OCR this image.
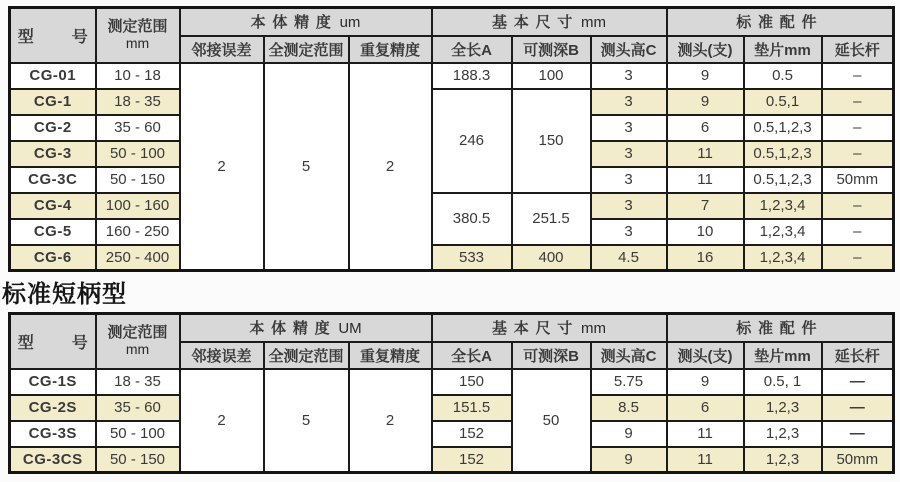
型 号	测定范围
mm	本体精度 um			基本尺寸 mm			标准配件		
		邻接误差	全测定范围	重复精度	全长A	可测深B	测头高C	测头(支)	垫片mm	延长杆
CG-01	10 - 18	2	5	2	188.3	100	3	9	0.5	–
CG-1	18 - 35				246	150	3	9	0.5,1	–
CG-2	35 - 60						3	6	0.5,1,2,3	–
CG-3	50 - 100						3	11	0.5,1,2,3	–
CG-3C	50 - 150						3	11	0.5,1,2,3	50mm
CG-4	100 - 160				380.5	251.5	3	7	1,2,3,4	–
CG-5	160 - 250						3	10	1,2,3,4	–
CG-6	250 - 400				533	400	4.5	16	1,2,3,4	–
标准短柄型
型 号	测定范围
mm	本体精度 UM			基本尺寸 mm			标准配件		
		邻接误差	全测定范围	重复精度	全长A	可测深B	测头高C	测头(支)	垫片mm	延长杆
CG-1S	18 - 35	2	5	2	150	50	5.75	9	0.5, 1	—
CG-2S	35 - 60				151.5		8.5	6	1,2,3	—
CG-3S	50 - 100				152		9	11	1,2,3	—
CG-3CS	50 - 150				152		9	11	1,2,3	50mm
